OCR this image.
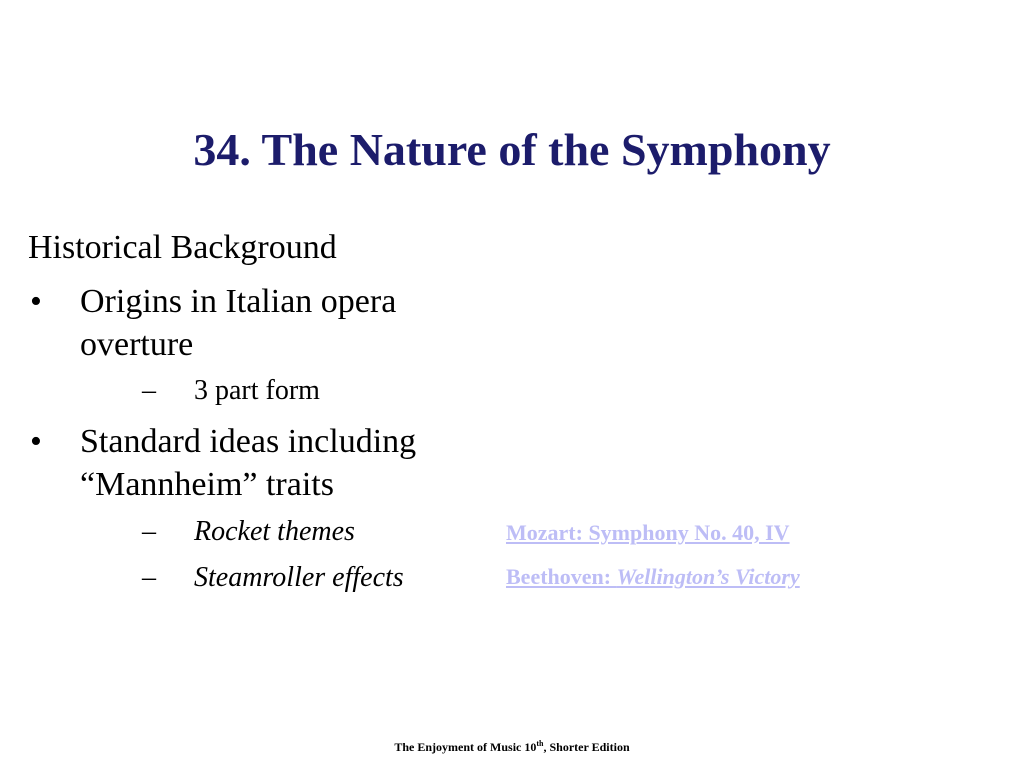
34. The Nature of the Symphony
Historical Background
•	Origins in Italian opera overture
–	3 part form
•	Standard ideas including “Mannheim” traits
–	Rocket themes
–	Steamroller effects
Mozart: Symphony No. 40, IV
Beethoven: Wellington’s Victory
The Enjoyment of Music 10th, Shorter Edition
